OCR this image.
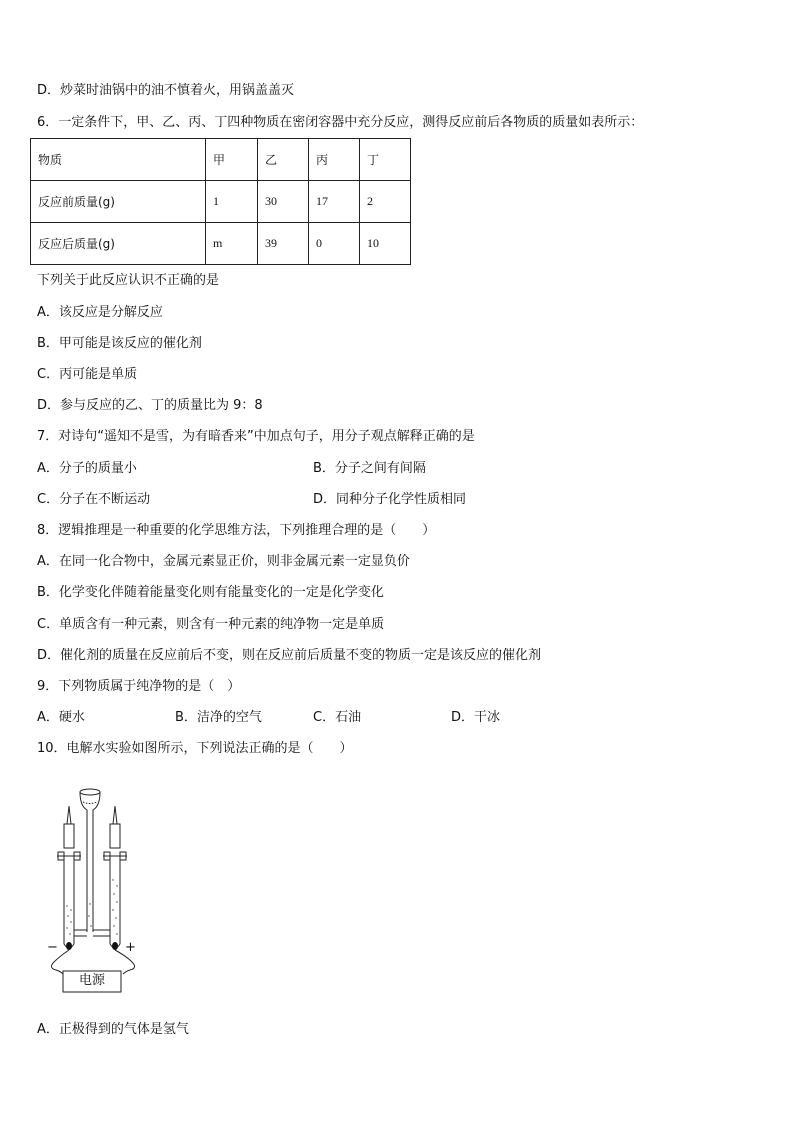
D．炒菜时油锅中的油不慎着火，用锅盖盖灭
6．一定条件下，甲、乙、丙、丁四种物质在密闭容器中充分反应，测得反应前后各物质的质量如表所示：
物质	甲	乙	丙	丁
反应前质量(g)	1	30	17	2
反应后质量(g)	m	39	0	10
下列关于此反应认识不正确的是
A．该反应是分解反应
B．甲可能是该反应的催化剂
C．丙可能是单质
D．参与反应的乙、丁的质量比为 9：8
7．对诗句“遥知不是雪，为有暗香来”中加点句子，用分子观点解释正确的是
A．分子的质量小	B．分子之间有间隔
C．分子在不断运动	D．同种分子化学性质相同
8．逻辑推理是一种重要的化学思维方法，下列推理合理的是（　　）
A．在同一化合物中，金属元素显正价，则非金属元素一定显负价
B．化学变化伴随着能量变化则有能量变化的一定是化学变化
C．单质含有一种元素，则含有一种元素的纯净物一定是单质
D．催化剂的质量在反应前后不变，则在反应前后质量不变的物质一定是该反应的催化剂
9．下列物质属于纯净物的是（　）
A．硬水	B．洁净的空气	C．石油	D．干冰
10．电解水实验如图所示，下列说法正确的是（　　）
电源
−	+
A．正极得到的气体是氢气
